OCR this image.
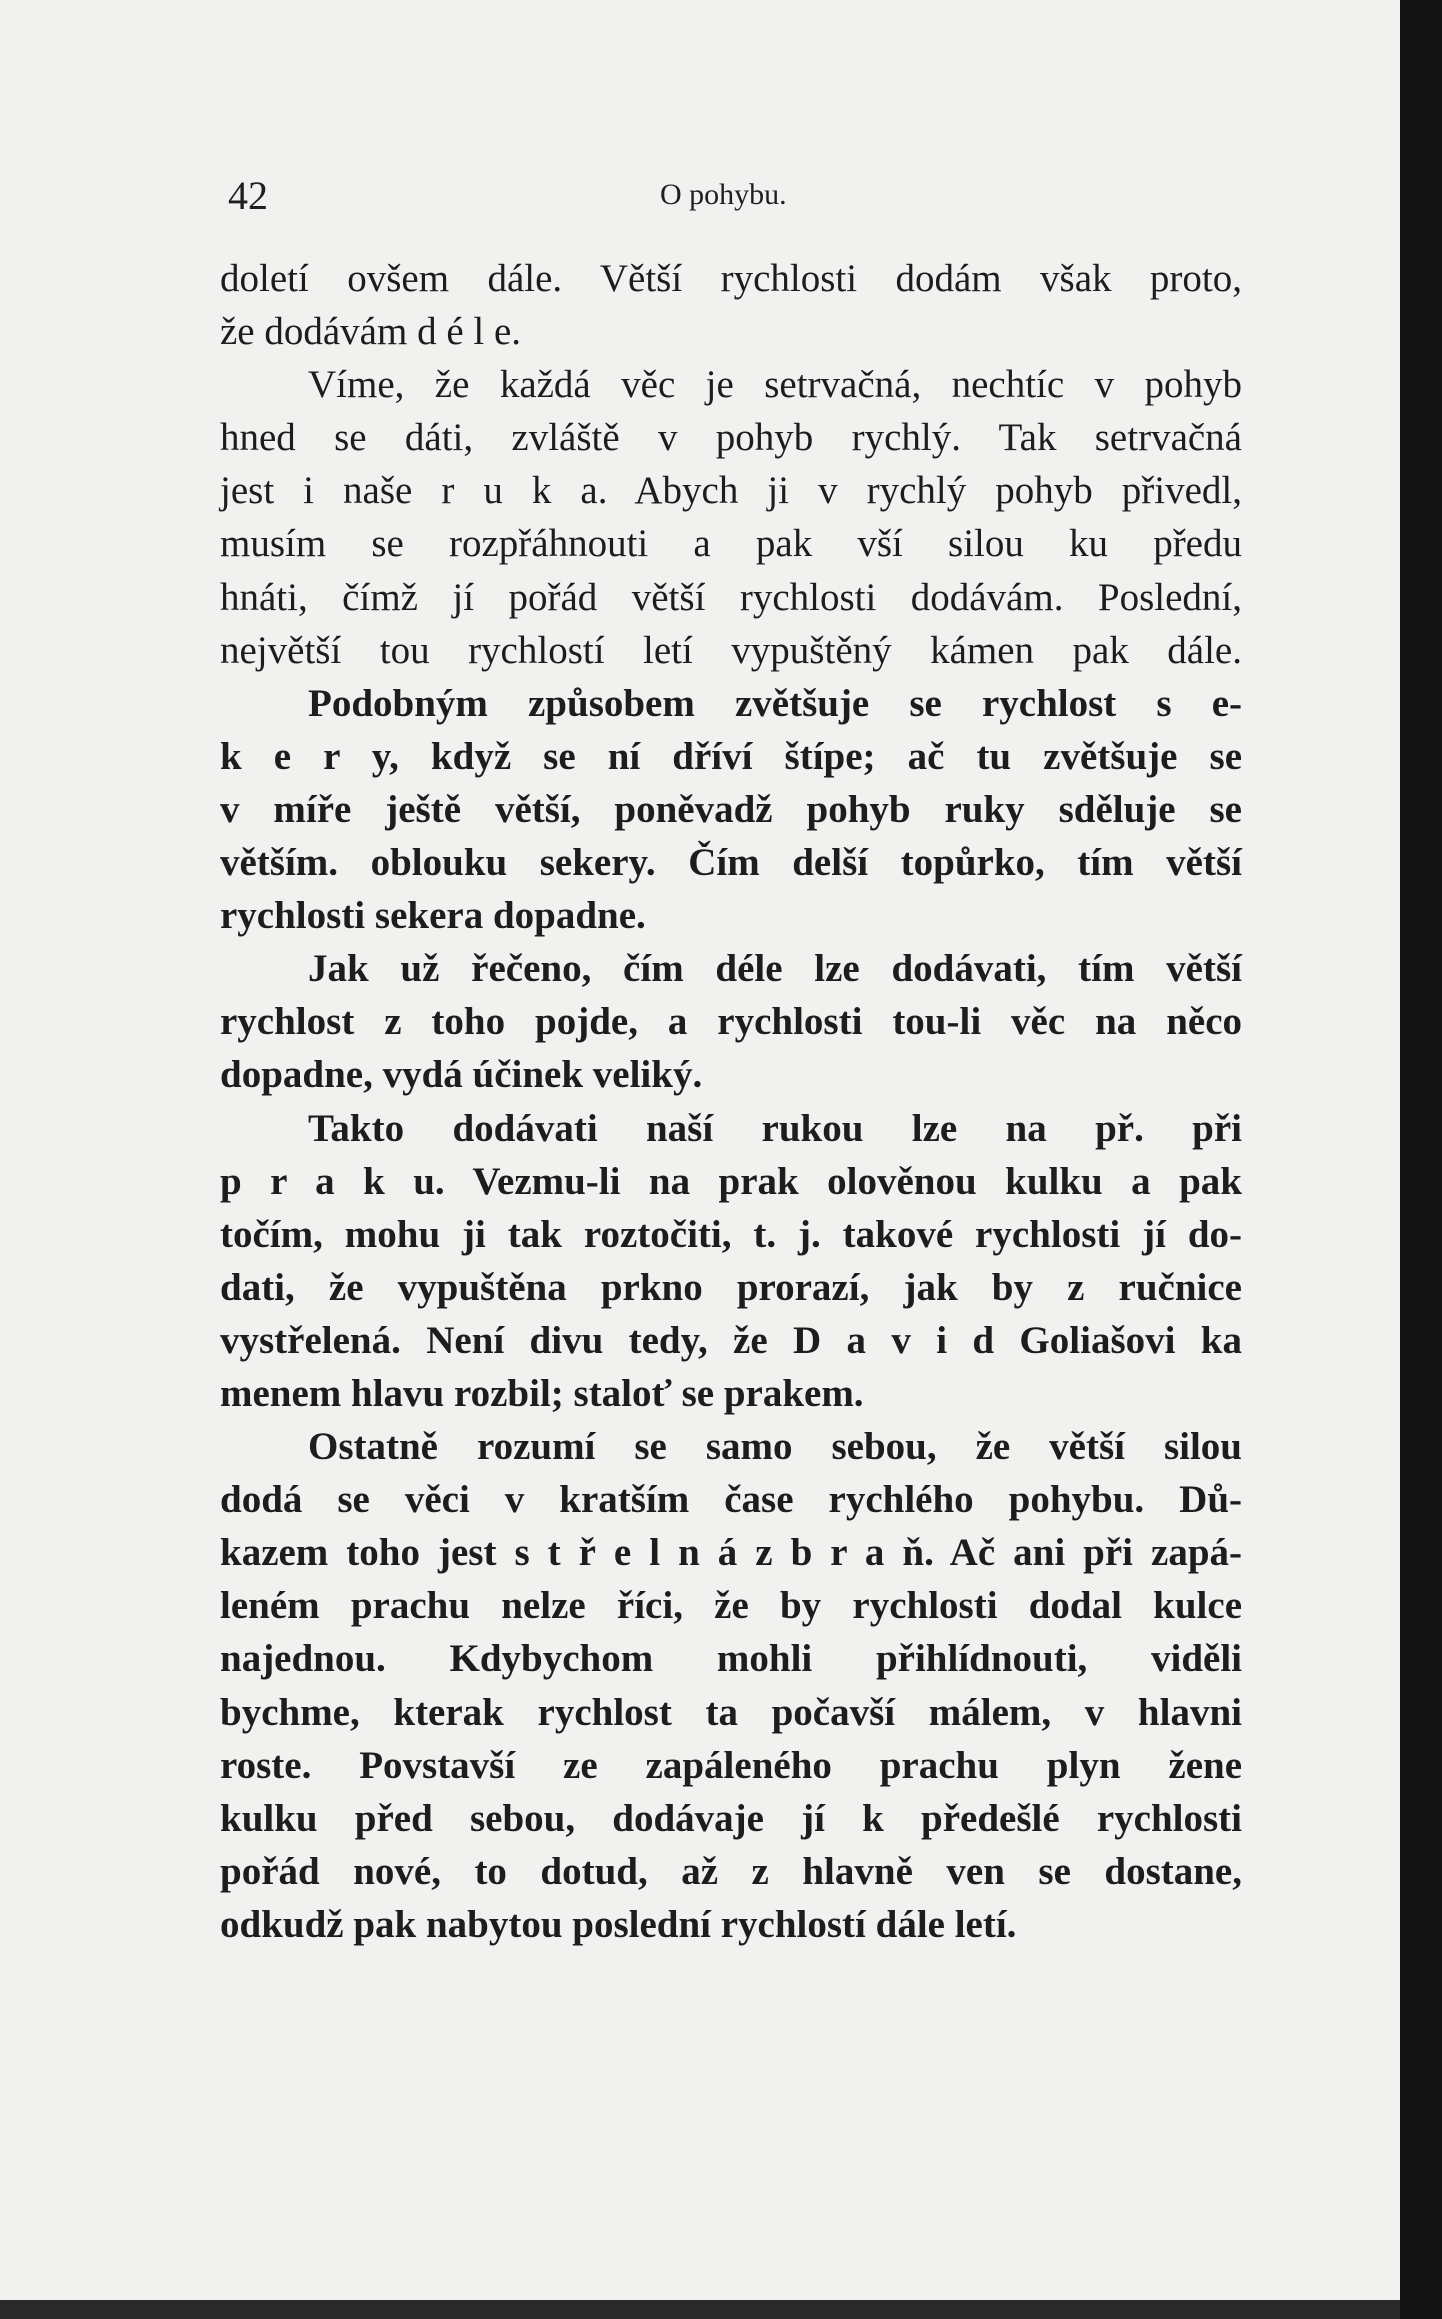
42	O pohybu.
doletí ovšem dále. Větší rychlosti dodám však proto,
že dodávám d é l e.
Víme, že každá věc je setrvačná, nechtíc v pohyb
hned se dáti, zvláště v pohyb rychlý. Tak setrvačná
jest i naše r u k a. Abych ji v rychlý pohyb přivedl,
musím se rozpřáhnouti a pak vší silou ku předu
hnáti, čímž jí pořád větší rychlosti dodávám. Poslední,
největší tou rychlostí letí vypuštěný kámen pak dále.
Podobným způsobem zvětšuje se rychlost s e-
k e r y, když se ní dříví štípe; ač tu zvětšuje se
v míře ještě větší, poněvadž pohyb ruky sděluje se
větším. oblouku sekery. Čím delší topůrko, tím větší
rychlosti sekera dopadne.
Jak už řečeno, čím déle lze dodávati, tím větší
rychlost z toho pojde, a rychlosti tou-li věc na něco
dopadne, vydá účinek veliký.
Takto dodávati naší rukou lze na př. při
p r a k u. Vezmu-li na prak olověnou kulku a pak
točím, mohu ji tak roztočiti, t. j. takové rychlosti jí do-
dati, že vypuštěna prkno prorazí, jak by z ručnice
vystřelená. Není divu tedy, že D a v i d Goliašovi ka
menem hlavu rozbil; staloť se prakem.
Ostatně rozumí se samo sebou, že větší silou
dodá se věci v kratším čase rychlého pohybu. Dů-
kazem toho jest s t ř e l n á z b r a ň. Ač ani při zapá-
leném prachu nelze říci, že by rychlosti dodal kulce
najednou. Kdybychom mohli přihlídnouti, viděli
bychme, kterak rychlost ta počavší málem, v hlavni
roste. Povstavší ze zapáleného prachu plyn žene
kulku před sebou, dodávaje jí k předešlé rychlosti
pořád nové, to dotud, až z hlavně ven se dostane,
odkudž pak nabytou poslední rychlostí dále letí.
